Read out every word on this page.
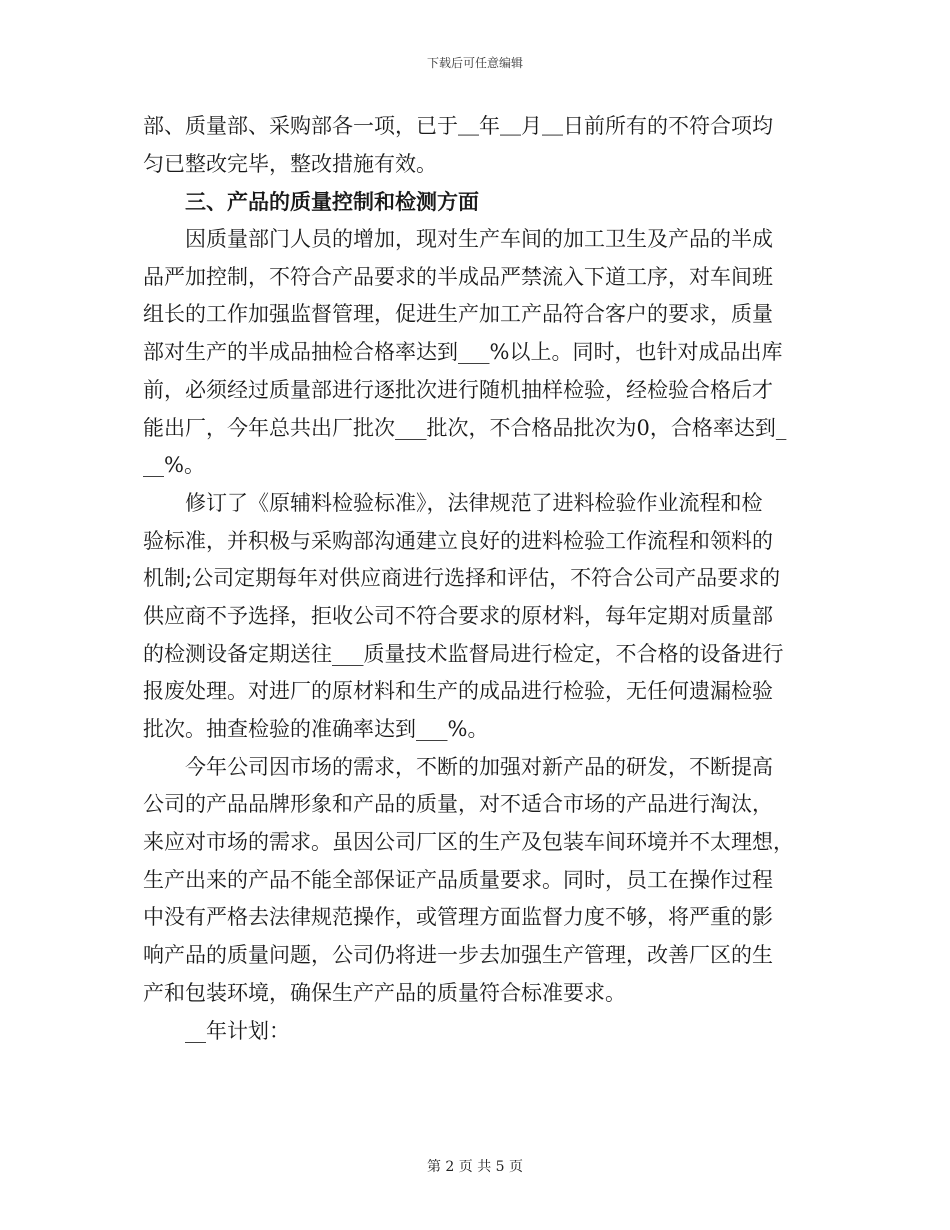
下载后可任意编辑
部、质量部、采购部各一项，已于＿年＿月＿日前所有的不符合项均
匀已整改完毕，整改措施有效。
三、产品的质量控制和检测方面
因质量部门人员的增加，现对生产车间的加工卫生及产品的半成
品严加控制，不符合产品要求的半成品严禁流入下道工序，对车间班
组长的工作加强监督管理，促进生产加工产品符合客户的要求，质量
部对生产的半成品抽检合格率达到___%以上。同时，也针对成品出库
前，必须经过质量部进行逐批次进行随机抽样检验，经检验合格后才
能出厂，今年总共出厂批次___批次，不合格品批次为0，合格率达到_
__%。
修订了《原辅料检验标准》，法律规范了进料检验作业流程和检
验标准，并积极与采购部沟通建立良好的进料检验工作流程和领料的
机制;公司定期每年对供应商进行选择和评估，不符合公司产品要求的
供应商不予选择，拒收公司不符合要求的原材料，每年定期对质量部
的检测设备定期送往___质量技术监督局进行检定，不合格的设备进行
报废处理。对进厂的原材料和生产的成品进行检验，无任何遗漏检验
批次。抽查检验的准确率达到___%。
今年公司因市场的需求，不断的加强对新产品的研发，不断提高
公司的产品品牌形象和产品的质量，对不适合市场的产品进行淘汰，
来应对市场的需求。虽因公司厂区的生产及包装车间环境并不太理想，
生产出来的产品不能全部保证产品质量要求。同时，员工在操作过程
中没有严格去法律规范操作，或管理方面监督力度不够，将严重的影
响产品的质量问题，公司仍将进一步去加强生产管理，改善厂区的生
产和包装环境，确保生产产品的质量符合标准要求。
__年计划：
第 2 页 共 5 页
